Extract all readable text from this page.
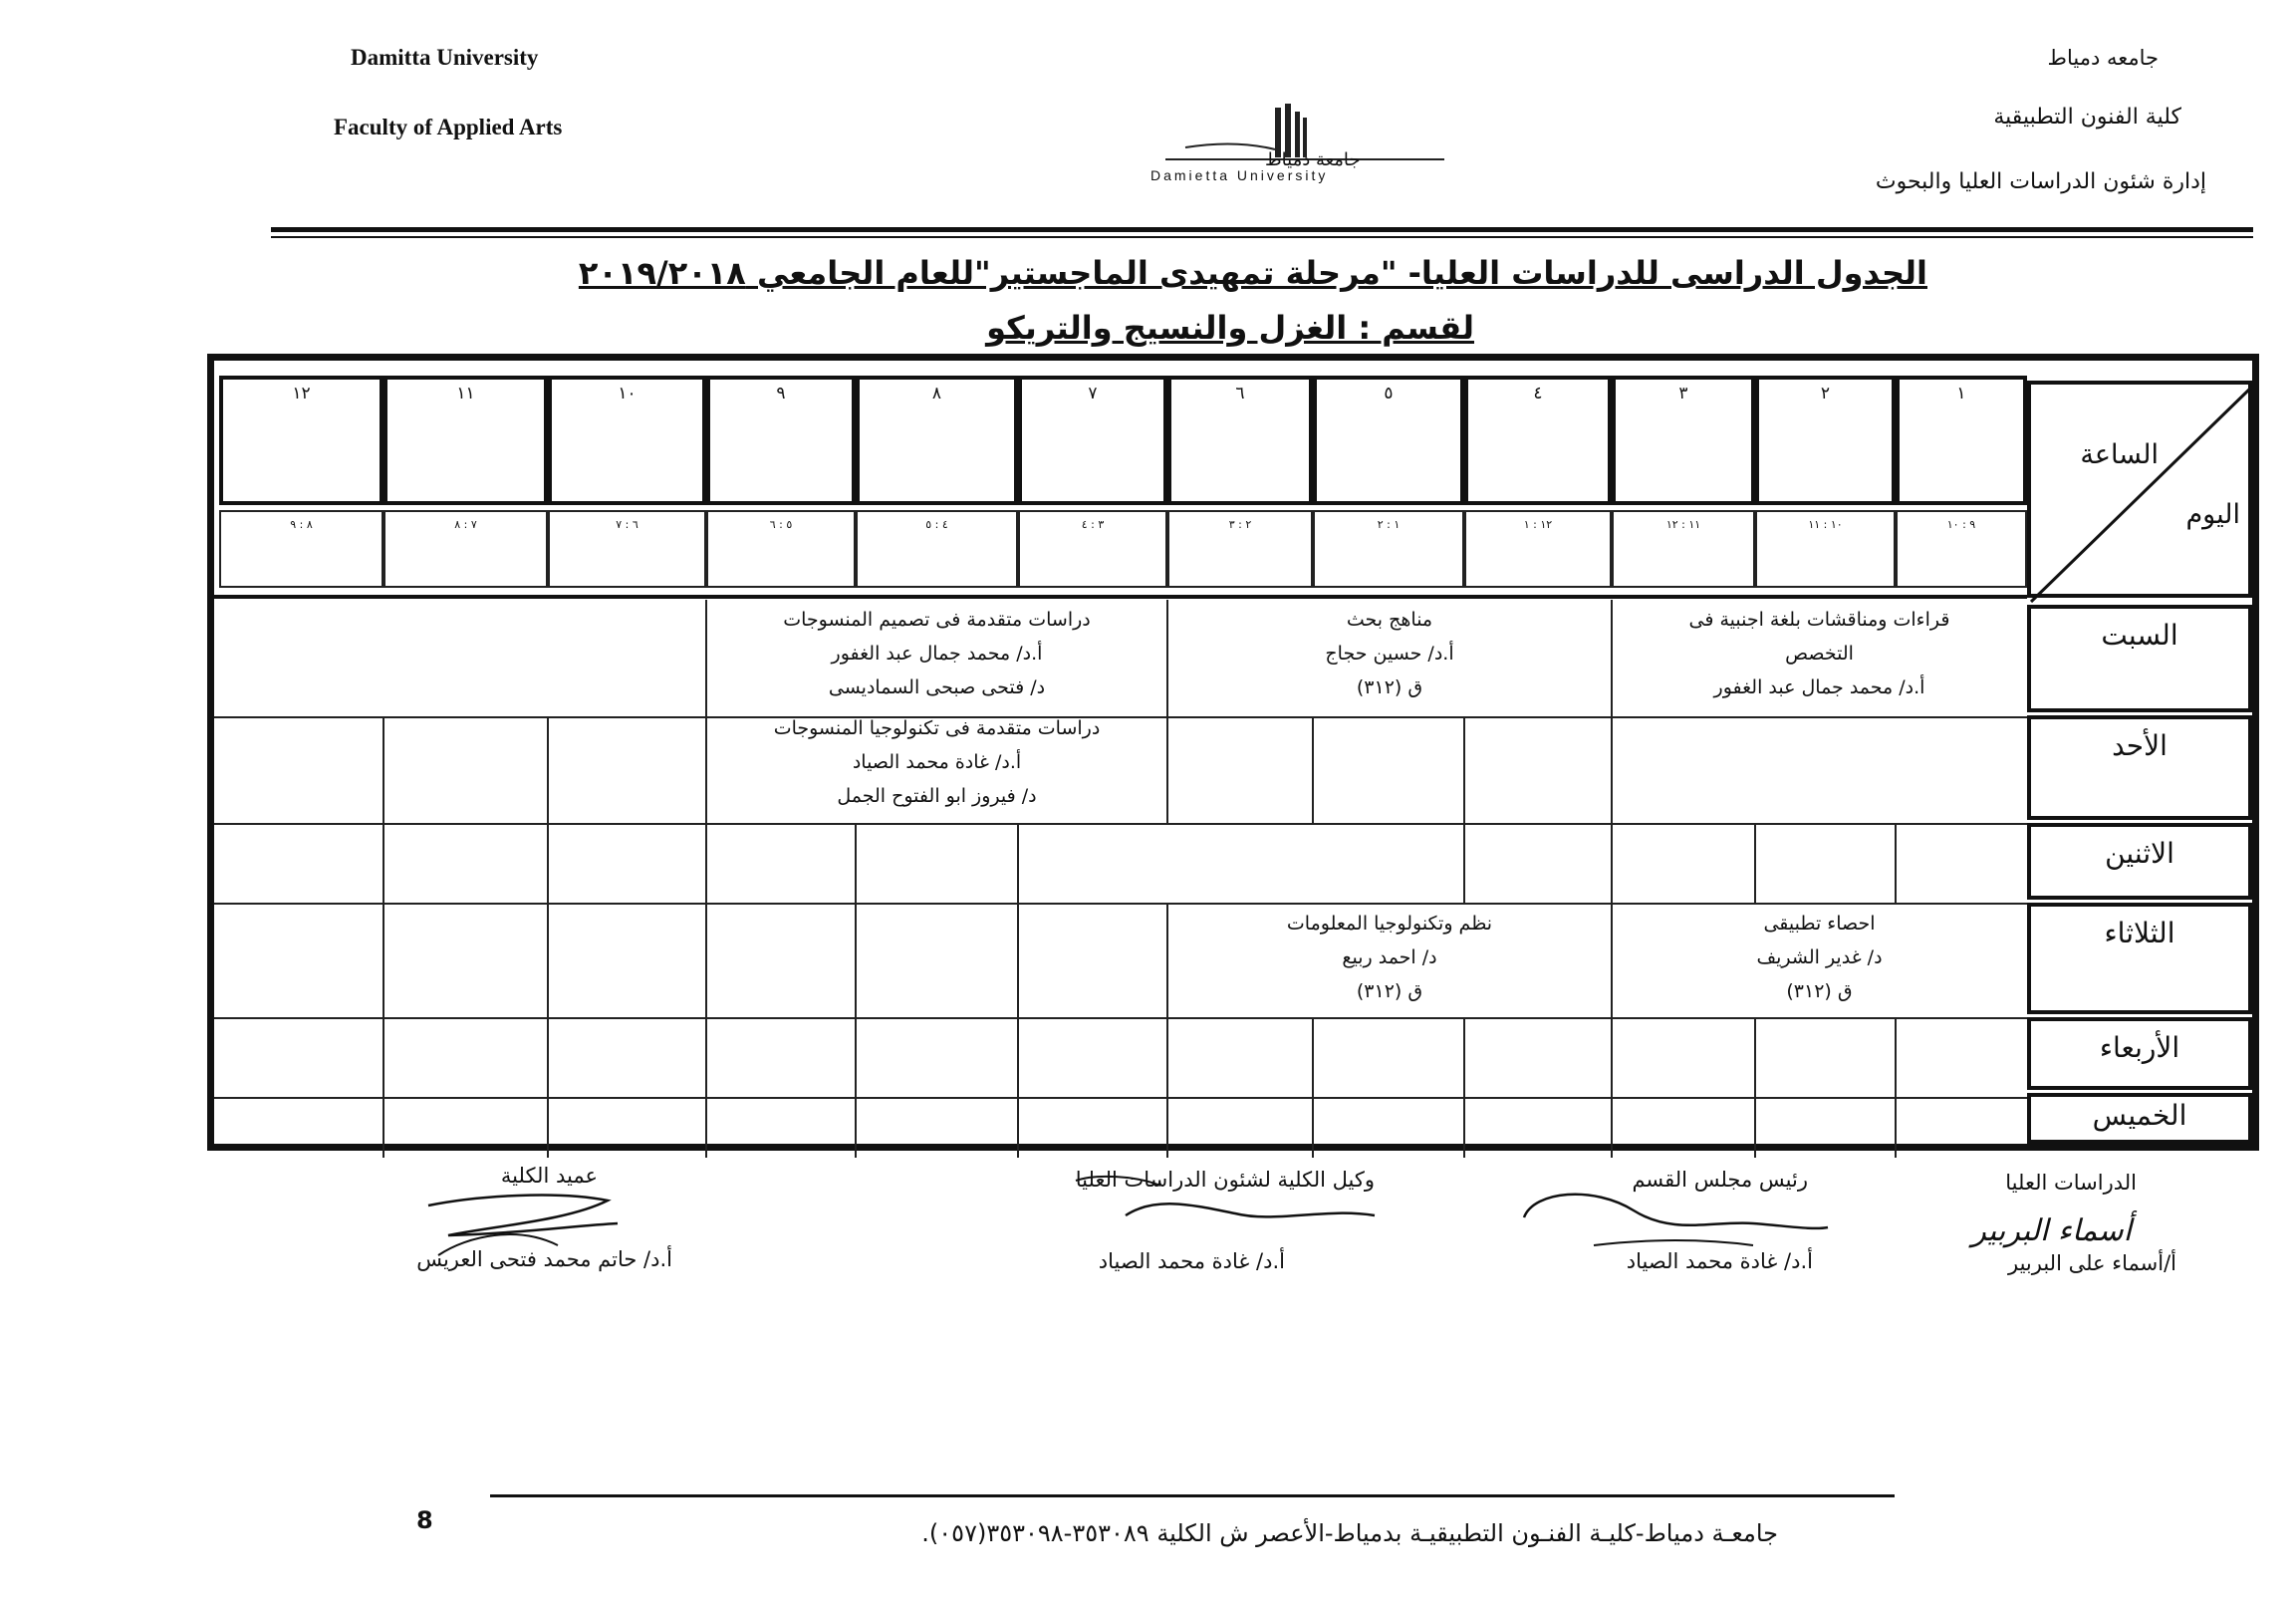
Damitta University
Faculty of Applied Arts
جامعه دمياط
كلية الفنون التطبيقية
إدارة شئون الدراسات العليا والبحوث
جامعة دمياط
Damietta University
الجدول الدراسى للدراسات العليا- "مرحلة تمهيدى الماجستير"للعام الجامعي ٢٠١٩/٢٠١٨
لقسم : الغزل والنسيج والتريكو
الساعة
اليوم
١
٢
٣
٤
٥
٦
٧
٨
٩
١٠
١١
١٢
٩ : ١٠
١٠ : ١١
١١ : ١٢
١٢ : ١
١ : ٢
٢ : ٣
٣ : ٤
٤ : ٥
٥ : ٦
٦ : ٧
٧ : ٨
٨ : ٩
السبت
الأحد
الاثنين
الثلاثاء
الأربعاء
الخميس
قراءات ومناقشات بلغة اجنبية فى
التخصص
أ.د/ محمد جمال عبد الغفور
مناهج بحث
أ.د/ حسين حجاج
ق (٣١٢)
دراسات متقدمة فى تصميم المنسوجات
أ.د/ محمد جمال عبد الغفور
د/ فتحى صبحى السماديسى
دراسات متقدمة فى تكنولوجيا المنسوجات
أ.د/ غادة محمد الصياد
د/ فيروز ابو الفتوح الجمل
احصاء تطبيقى
د/ غدير الشريف
ق (٣١٢)
نظم وتكنولوجيا المعلومات
د/ احمد ربيع
ق (٣١٢)
الدراسات العليا
أسماء البربير
أ/أسماء على البربير
رئيس مجلس القسم
أ.د/ غادة محمد الصياد
وكيل الكلية لشئون الدراسات العليا
أ.د/ غادة محمد الصياد
عميد الكلية
أ.د/ حاتم محمد فتحى العريس
8	جامعـة دمياط-كليـة الفنـون التطبيقيـة بدمياط-الأعصر ش الكلية ٣٥٣٠٨٩-٣٥٣٠٩٨(٠٥٧).
